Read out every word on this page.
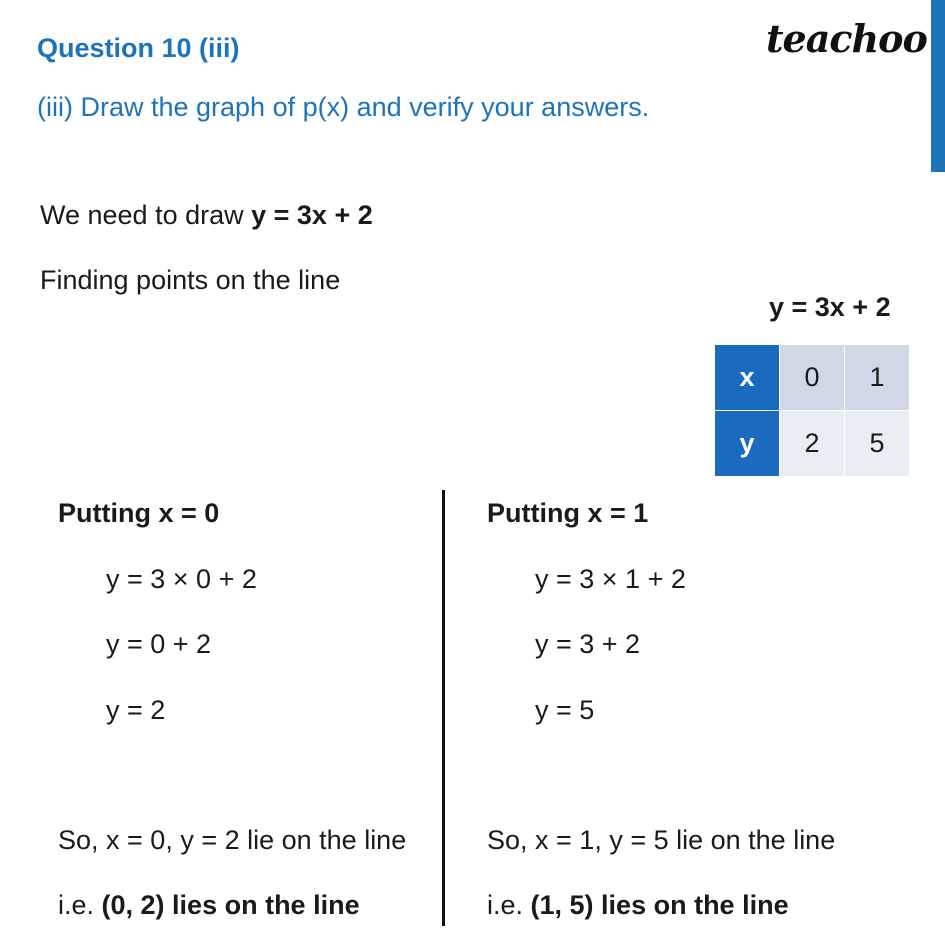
Question 10 (iii)
(iii) Draw the graph of p(x) and verify your answers.
teachoo
We need to draw y = 3x + 2
Finding points on the line
y = 3x + 2
x	0	1
y	2	5
Putting x = 0
y = 3 × 0 + 2
y = 0 + 2
y = 2
So, x = 0, y = 2 lie on the line
i.e. (0, 2) lies on the line
Putting x = 1
y = 3 × 1 + 2
y = 3 + 2
y = 5
So, x = 1, y = 5 lie on the line
i.e. (1, 5) lies on the line
